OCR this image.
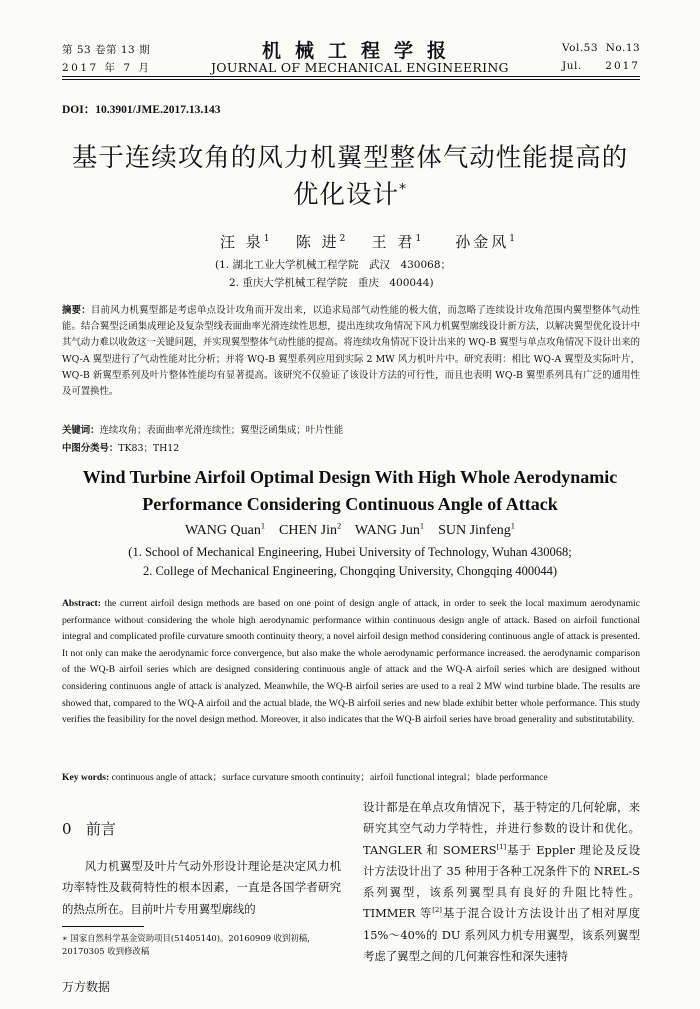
第 53 卷第 13 期
2017 年 7 月
机械工程学报
JOURNAL OF MECHANICAL ENGINEERING
Vol.53 No.13
Jul. 2017
DOI：10.3901/JME.2017.13.143
基于连续攻角的风力机翼型整体气动性能提高的
优化设计*
汪 泉$^1$ 陈 进$^2$ 王 君$^1$ 孙金风$^1$
(1. 湖北工业大学机械工程学院　武汉　430068；
2. 重庆大学机械工程学院　重庆　400044)
摘要：目前风力机翼型都是考虑单点设计攻角而开发出来，以追求局部气动性能的极大值，而忽略了连续设计攻角范围内翼型整体气动性能。结合翼型泛函集成理论及复杂型线表面曲率光滑连续性思想，提出连续攻角情况下风力机翼型廓线设计新方法，以解决翼型优化设计中其气动力难以收敛这一关键问题，并实现翼型整体气动性能的提高。将连续攻角情况下设计出来的 WQ-B 翼型与单点攻角情况下设计出来的 WQ-A 翼型进行了气动性能对比分析；并将 WQ-B 翼型系列应用到实际 2 MW 风力机叶片中。研究表明：相比 WQ-A 翼型及实际叶片，WQ-B 新翼型系列及叶片整体性能均有显著提高。该研究不仅验证了该设计方法的可行性，而且也表明 WQ-B 翼型系列具有广泛的通用性及可置换性。
关键词：连续攻角；表面曲率光滑连续性；翼型泛函集成；叶片性能
中图分类号：TK83；TH12
Wind Turbine Airfoil Optimal Design With High Whole Aerodynamic
Performance Considering Continuous Angle of Attack
WANG Quan$^1$ CHEN Jin$^2$ WANG Jun$^1$ SUN Jinfeng$^1$
(1. School of Mechanical Engineering, Hubei University of Technology, Wuhan 430068;
2. College of Mechanical Engineering, Chongqing University, Chongqing 400044)
Abstract: the current airfoil design methods are based on one point of design angle of attack, in order to seek the local maximum aerodynamic performance without considering the whole high aerodynamic performance within continuous design angle of attack. Based on airfoil functional integral and complicated profile curvature smooth continuity theory, a novel airfoil design method considering continuous angle of attack is presented. It not only can make the aerodynamic force convergence, but also make the whole aerodynamic performance increased. the aerodynamic comparison of the WQ-B airfoil series which are designed considering continuous angle of attack and the WQ-A airfoil series which are designed without considering continuous angle of attack is analyzed. Meanwhile, the WQ-B airfoil series are used to a real 2 MW wind turbine blade. The results are showed that, compared to the WQ-A airfoil and the actual blade, the WQ-B airfoil series and new blade exhibit better whole performance. This study verifies the feasibility for the novel design method. Moreover, it also indicates that the WQ-B airfoil series have broad generality and substitutability.
Key words: continuous angle of attack；surface curvature smooth continuity；airfoil functional integral；blade performance
0 前言
风力机翼型及叶片气动外形设计理论是决定风力机功率特性及载荷特性的根本因素，一直是各国学者研究的热点所在。目前叶片专用翼型廓线的
∗ 国家自然科学基金资助项目(51405140)。20160909 收到初稿，20170305 收到修改稿
设计都是在单点攻角情况下，基于特定的几何轮廓，来研究其空气动力学特性，并进行参数的设计和优化。TANGLER 和 SOMERS[1]基于 Eppler 理论及反设计方法设计出了 35 种用于各种工况条件下的 NREL-S 系列翼型，该系列翼型具有良好的升阻比特性。TIMMER 等[2]基于混合设计方法设计出了相对厚度 15%～40%的 DU 系列风力机专用翼型，该系列翼型考虑了翼型之间的几何兼容性和深失速特
万方数据
